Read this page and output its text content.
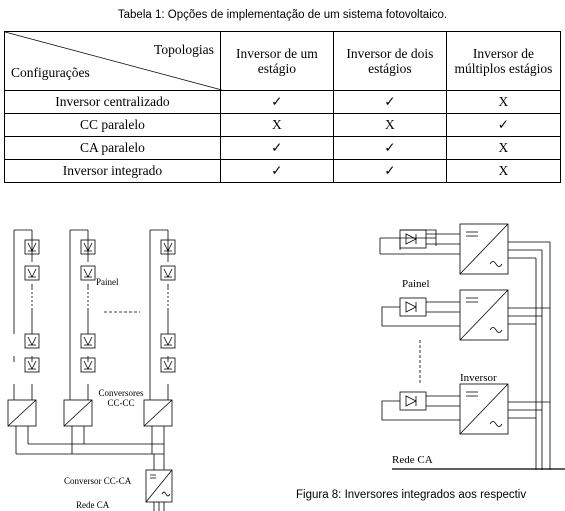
Tabela 1: Opções de implementação de um sistema fotovoltaico.
Topologias
Configurações	Inversor de um estágio	Inversor de dois estágios	Inversor de múltiplos estágios
Inversor centralizado	✓	✓	X
CC paralelo	X	X	✓
CA paralelo	✓	✓	X
Inversor integrado	✓	✓	X
Painel
Conversores CC-CC
Conversor CC-CA
Rede CA
Painel
Inversor
Rede CA
Figura 8: Inversores integrados aos respectiv
